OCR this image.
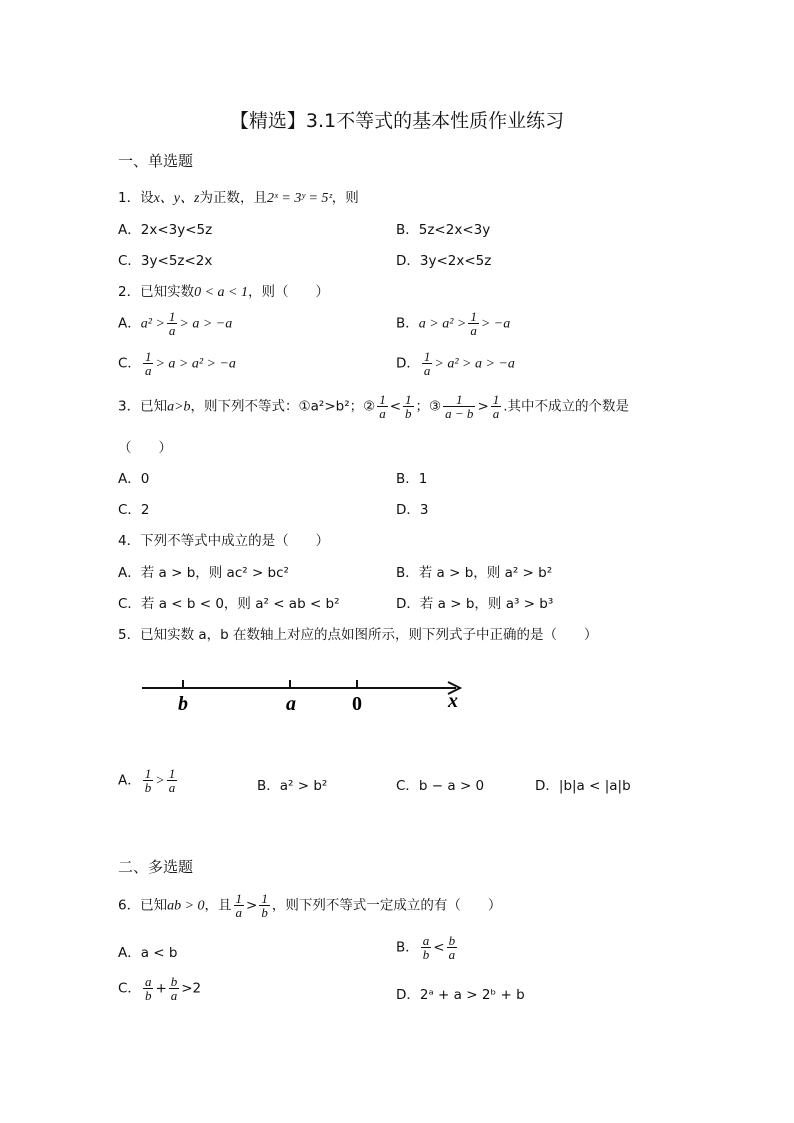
【精选】3.1不等式的基本性质作业练习
一、单选题
1．设x、y、z为正数，且2ˣ = 3ʸ = 5ᶻ，则
A．2x<3y<5z	B．5z<2x<3y
C．3y<5z<2x	D．3y<2x<5z
2．已知实数0 < a < 1，则（　　）
A．$a^2 > \frac{1}{a} > a > -a$	B．$a > a^2 > \frac{1}{a} > -a$
C． $\frac{1}{a} > a > a^2 > -a$	D． $\frac{1}{a} > a^2 > a > -a$
3．已知a>b，则下列不等式：①a²>b²；② $\frac{1}{a} < \frac{1}{b}$ ；③ $\frac{1}{a - b} > \frac{1}{a}$ .其中不成立的个数是
（　　）
A．0	B．1
C．2	D．3
4．下列不等式中成立的是（　　）
A．若 a > b，则 ac² > bc²	B．若 a > b，则 a² > b²
C．若 a < b < 0，则 a² < ab < b²	D．若 a > b，则 a³ > b³
5．已知实数 a，b 在数轴上对应的点如图所示，则下列式子中正确的是（　　）
b	a	0	x
A． $\frac{1}{b} > \frac{1}{a}$	B．a² > b²	C．b − a > 0	D．|b|a < |a|b
二、多选题
6．已知ab > 0，且 $\frac{1}{a} > \frac{1}{b}$ ，则下列不等式一定成立的有（　　）
A．a < b	B． $\frac{a}{b} < \frac{b}{a}$
C． $\frac{a}{b} + \frac{b}{a} >2$	D．2ᵃ + a > 2ᵇ + b
